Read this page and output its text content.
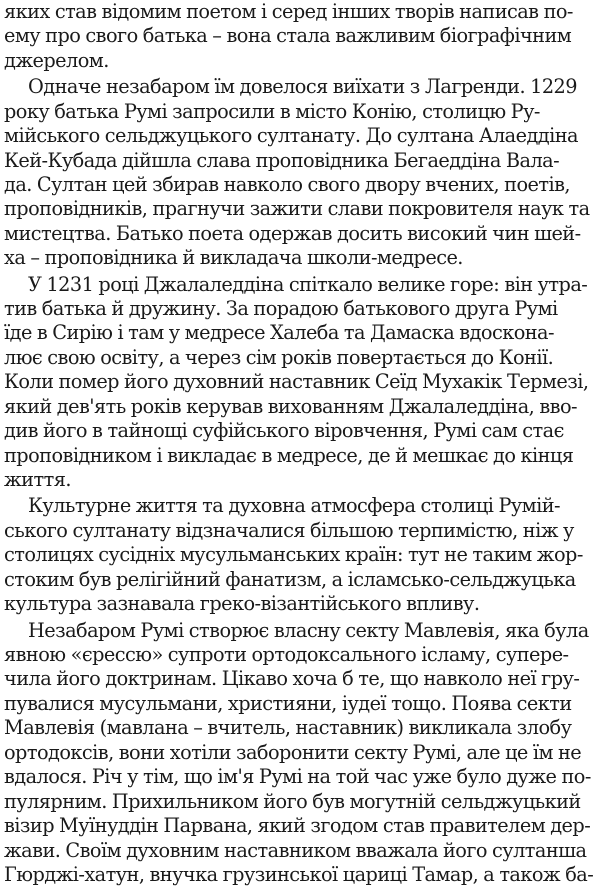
яких став відомим поетом і серед інших творів написав по-
ему про свого батька – вона стала важливим біографічним
джерелом.
Одначе незабаром їм довелося виїхати з Лагренди. 1229
року батька Румі запросили в місто Конію, столицю Ру-
мійського сельджуцького султанату. До султана Алаеддіна
Кей-Кубада дійшла слава проповідника Бегаеддіна Вала-
да. Султан цей збирав навколо свого двору вчених, поетів,
проповідників, прагнучи зажити слави покровителя наук та
мистецтва. Батько поета одержав досить високий чин шей-
ха – проповідника й викладача школи-медресе.
У 1231 році Джалаледдіна спіткало велике горе: він утра-
тив батька й дружину. За порадою батькового друга Румі
їде в Сирію і там у медресе Халеба та Дамаска вдоскона-
лює свою освіту, а через сім років повертається до Конії.
Коли помер його духовний наставник Сеїд Мухакік Термезі,
який дев'ять років керував вихованням Джалаледдіна, вво-
див його в тайнощі суфійського віровчення, Румі сам стає
проповідником і викладає в медресе, де й мешкає до кінця
життя.
Культурне життя та духовна атмосфера столиці Румій-
ського султанату відзначалися більшою терпимістю, ніж у
столицях сусідніх мусульманських країн: тут не таким жор-
стоким був релігійний фанатизм, а ісламсько-сельджуцька
культура зазнавала греко-візантійського впливу.
Незабаром Румі створює власну секту Мавлевія, яка була
явною «єрессю» супроти ортодоксального ісламу, супере-
чила його доктринам. Цікаво хоча б те, що навколо неї гру-
пувалися мусульмани, християни, іудеї тощо. Поява секти
Мавлевія (мавлана – вчитель, наставник) викликала злобу
ортодоксів, вони хотіли заборонити секту Румі, але це їм не
вдалося. Річ у тім, що ім'я Румі на той час уже було дуже по-
пулярним. Прихильником його був могутній сельджуцький
візир Муїнуддін Парвана, який згодом став правителем дер-
жави. Своїм духовним наставником вважала його султанша
Гюрджі-хатун, внучка грузинської цариці Тамар, а також ба-
